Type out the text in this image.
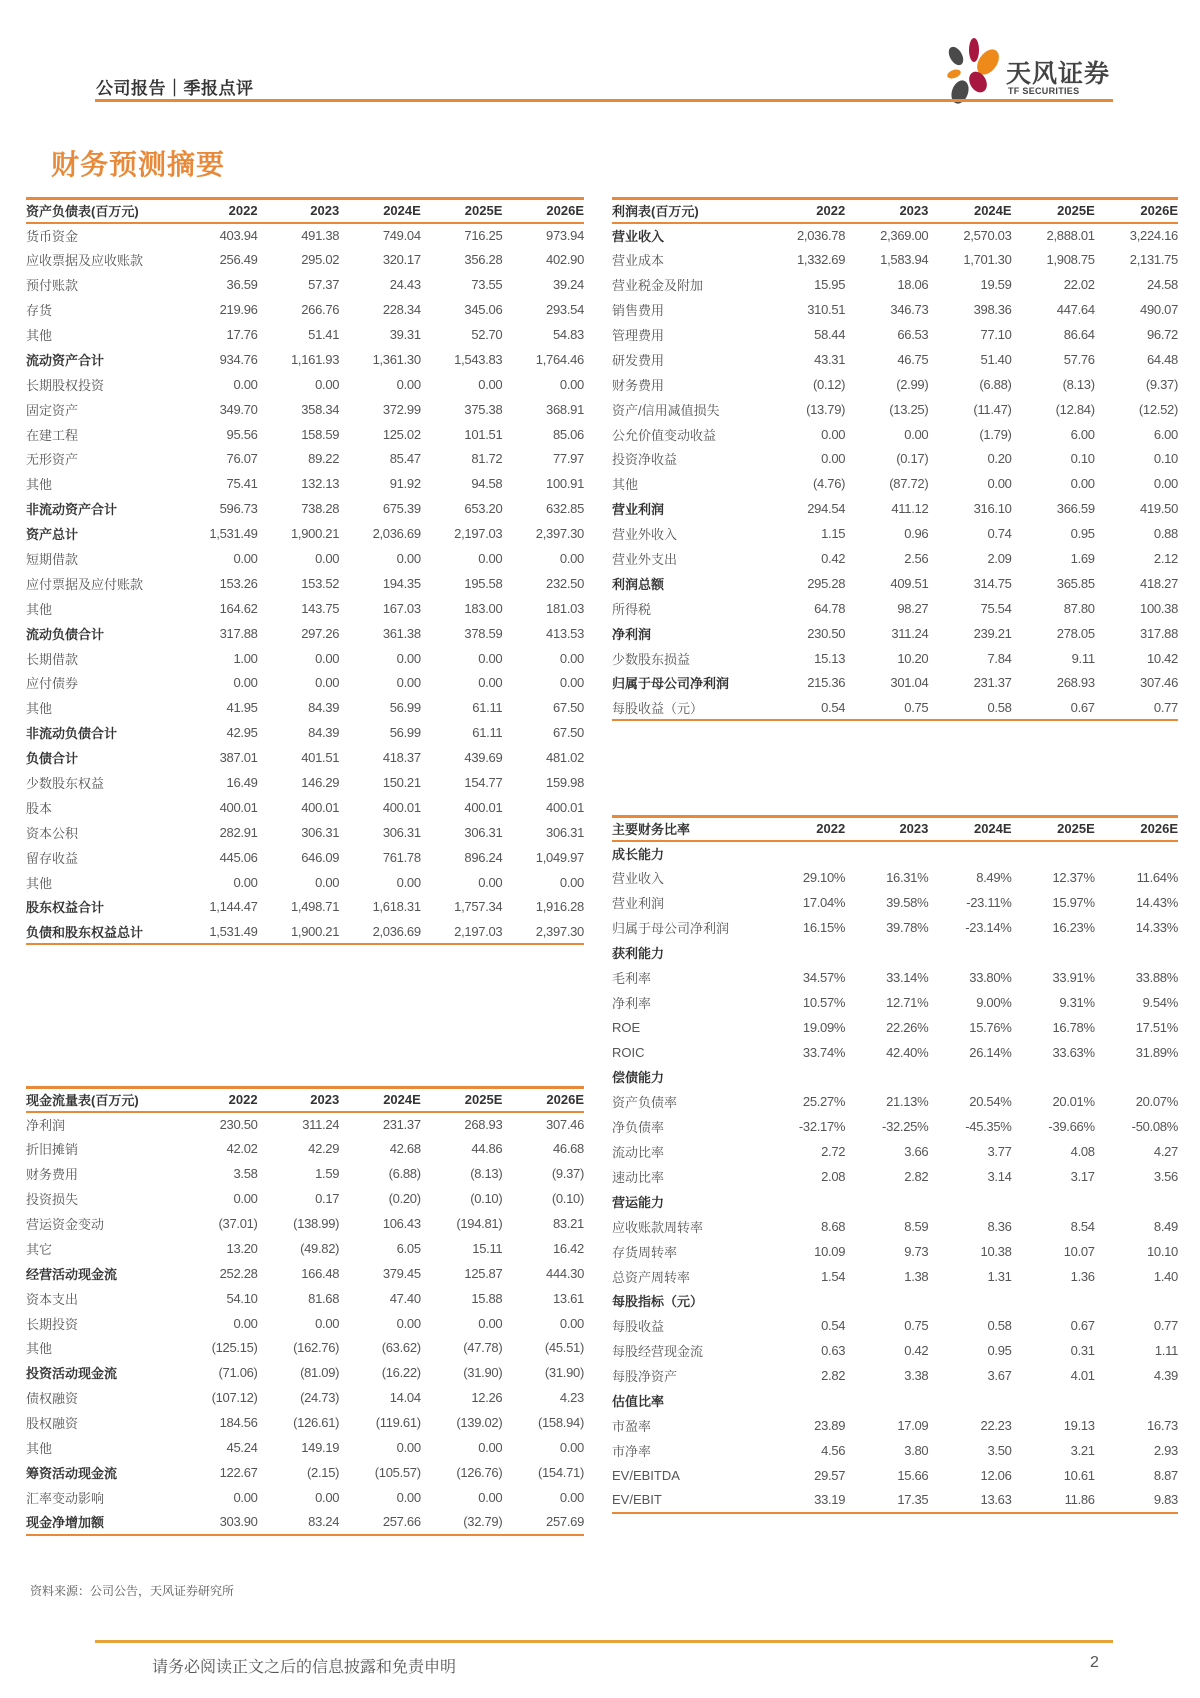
公司报告｜季报点评
天风证券
TF SECURITIES
财务预测摘要
资产负债表(百万元)	2022	2023	2024E	2025E	2026E
货币资金	403.94	491.38	749.04	716.25	973.94
应收票据及应收账款	256.49	295.02	320.17	356.28	402.90
预付账款	36.59	57.37	24.43	73.55	39.24
存货	219.96	266.76	228.34	345.06	293.54
其他	17.76	51.41	39.31	52.70	54.83
流动资产合计	934.76	1,161.93	1,361.30	1,543.83	1,764.46
长期股权投资	0.00	0.00	0.00	0.00	0.00
固定资产	349.70	358.34	372.99	375.38	368.91
在建工程	95.56	158.59	125.02	101.51	85.06
无形资产	76.07	89.22	85.47	81.72	77.97
其他	75.41	132.13	91.92	94.58	100.91
非流动资产合计	596.73	738.28	675.39	653.20	632.85
资产总计	1,531.49	1,900.21	2,036.69	2,197.03	2,397.30
短期借款	0.00	0.00	0.00	0.00	0.00
应付票据及应付账款	153.26	153.52	194.35	195.58	232.50
其他	164.62	143.75	167.03	183.00	181.03
流动负债合计	317.88	297.26	361.38	378.59	413.53
长期借款	1.00	0.00	0.00	0.00	0.00
应付债券	0.00	0.00	0.00	0.00	0.00
其他	41.95	84.39	56.99	61.11	67.50
非流动负债合计	42.95	84.39	56.99	61.11	67.50
负债合计	387.01	401.51	418.37	439.69	481.02
少数股东权益	16.49	146.29	150.21	154.77	159.98
股本	400.01	400.01	400.01	400.01	400.01
资本公积	282.91	306.31	306.31	306.31	306.31
留存收益	445.06	646.09	761.78	896.24	1,049.97
其他	0.00	0.00	0.00	0.00	0.00
股东权益合计	1,144.47	1,498.71	1,618.31	1,757.34	1,916.28
负债和股东权益总计	1,531.49	1,900.21	2,036.69	2,197.03	2,397.30
现金流量表(百万元)	2022	2023	2024E	2025E	2026E
净利润	230.50	311.24	231.37	268.93	307.46
折旧摊销	42.02	42.29	42.68	44.86	46.68
财务费用	3.58	1.59	(6.88)	(8.13)	(9.37)
投资损失	0.00	0.17	(0.20)	(0.10)	(0.10)
营运资金变动	(37.01)	(138.99)	106.43	(194.81)	83.21
其它	13.20	(49.82)	6.05	15.11	16.42
经营活动现金流	252.28	166.48	379.45	125.87	444.30
资本支出	54.10	81.68	47.40	15.88	13.61
长期投资	0.00	0.00	0.00	0.00	0.00
其他	(125.15)	(162.76)	(63.62)	(47.78)	(45.51)
投资活动现金流	(71.06)	(81.09)	(16.22)	(31.90)	(31.90)
债权融资	(107.12)	(24.73)	14.04	12.26	4.23
股权融资	184.56	(126.61)	(119.61)	(139.02)	(158.94)
其他	45.24	149.19	0.00	0.00	0.00
筹资活动现金流	122.67	(2.15)	(105.57)	(126.76)	(154.71)
汇率变动影响	0.00	0.00	0.00	0.00	0.00
现金净增加额	303.90	83.24	257.66	(32.79)	257.69
利润表(百万元)	2022	2023	2024E	2025E	2026E
营业收入	2,036.78	2,369.00	2,570.03	2,888.01	3,224.16
营业成本	1,332.69	1,583.94	1,701.30	1,908.75	2,131.75
营业税金及附加	15.95	18.06	19.59	22.02	24.58
销售费用	310.51	346.73	398.36	447.64	490.07
管理费用	58.44	66.53	77.10	86.64	96.72
研发费用	43.31	46.75	51.40	57.76	64.48
财务费用	(0.12)	(2.99)	(6.88)	(8.13)	(9.37)
资产/信用减值损失	(13.79)	(13.25)	(11.47)	(12.84)	(12.52)
公允价值变动收益	0.00	0.00	(1.79)	6.00	6.00
投资净收益	0.00	(0.17)	0.20	0.10	0.10
其他	(4.76)	(87.72)	0.00	0.00	0.00
营业利润	294.54	411.12	316.10	366.59	419.50
营业外收入	1.15	0.96	0.74	0.95	0.88
营业外支出	0.42	2.56	2.09	1.69	2.12
利润总额	295.28	409.51	314.75	365.85	418.27
所得税	64.78	98.27	75.54	87.80	100.38
净利润	230.50	311.24	239.21	278.05	317.88
少数股东损益	15.13	10.20	7.84	9.11	10.42
归属于母公司净利润	215.36	301.04	231.37	268.93	307.46
每股收益（元）	0.54	0.75	0.58	0.67	0.77
主要财务比率	2022	2023	2024E	2025E	2026E
成长能力					
营业收入	29.10%	16.31%	8.49%	12.37%	11.64%
营业利润	17.04%	39.58%	-23.11%	15.97%	14.43%
归属于母公司净利润	16.15%	39.78%	-23.14%	16.23%	14.33%
获利能力					
毛利率	34.57%	33.14%	33.80%	33.91%	33.88%
净利率	10.57%	12.71%	9.00%	9.31%	9.54%
ROE	19.09%	22.26%	15.76%	16.78%	17.51%
ROIC	33.74%	42.40%	26.14%	33.63%	31.89%
偿债能力					
资产负债率	25.27%	21.13%	20.54%	20.01%	20.07%
净负债率	-32.17%	-32.25%	-45.35%	-39.66%	-50.08%
流动比率	2.72	3.66	3.77	4.08	4.27
速动比率	2.08	2.82	3.14	3.17	3.56
营运能力					
应收账款周转率	8.68	8.59	8.36	8.54	8.49
存货周转率	10.09	9.73	10.38	10.07	10.10
总资产周转率	1.54	1.38	1.31	1.36	1.40
每股指标（元）					
每股收益	0.54	0.75	0.58	0.67	0.77
每股经营现金流	0.63	0.42	0.95	0.31	1.11
每股净资产	2.82	3.38	3.67	4.01	4.39
估值比率					
市盈率	23.89	17.09	22.23	19.13	16.73
市净率	4.56	3.80	3.50	3.21	2.93
EV/EBITDA	29.57	15.66	12.06	10.61	8.87
EV/EBIT	33.19	17.35	13.63	11.86	9.83
资料来源：公司公告，天风证券研究所
请务必阅读正文之后的信息披露和免责申明	2
